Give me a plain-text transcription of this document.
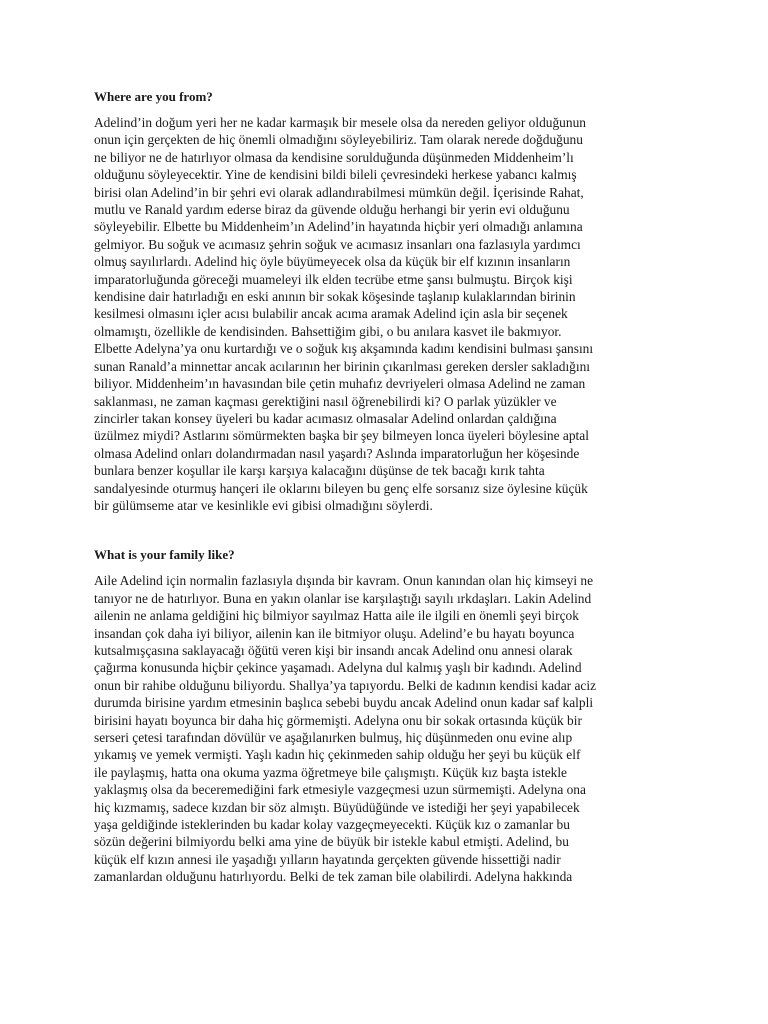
Where are you from?

Adelind’in doğum yeri her ne kadar karmaşık bir mesele olsa da nereden geliyor olduğunun
onun için gerçekten de hiç önemli olmadığını söyleyebiliriz. Tam olarak nerede doğduğunu
ne biliyor ne de hatırlıyor olmasa da kendisine sorulduğunda düşünmeden Middenheim’lı
olduğunu söyleyecektir. Yine de kendisini bildi bileli çevresindeki herkese yabancı kalmış
birisi olan Adelind’in bir şehri evi olarak adlandırabilmesi mümkün değil. İçerisinde Rahat,
mutlu ve Ranald yardım ederse biraz da güvende olduğu herhangi bir yerin evi olduğunu
söyleyebilir. Elbette bu Middenheim’ın Adelind’in hayatında hiçbir yeri olmadığı anlamına
gelmiyor. Bu soğuk ve acımasız şehrin soğuk ve acımasız insanları ona fazlasıyla yardımcı
olmuş sayılırlardı. Adelind hiç öyle büyümeyecek olsa da küçük bir elf kızının insanların
imparatorluğunda göreceği muameleyi ilk elden tecrübe etme şansı bulmuştu. Birçok kişi
kendisine dair hatırladığı en eski anının bir sokak köşesinde taşlanıp kulaklarından birinin
kesilmesi olmasını içler acısı bulabilir ancak acıma aramak Adelind için asla bir seçenek
olmamıştı, özellikle de kendisinden. Bahsettiğim gibi, o bu anılara kasvet ile bakmıyor.
Elbette Adelyna’ya onu kurtardığı ve o soğuk kış akşamında kadını kendisini bulması şansını
sunan Ranald’a minnettar ancak acılarının her birinin çıkarılması gereken dersler sakladığını
biliyor. Middenheim’ın havasından bile çetin muhafız devriyeleri olmasa Adelind ne zaman
saklanması, ne zaman kaçması gerektiğini nasıl öğrenebilirdi ki? O parlak yüzükler ve
zincirler takan konsey üyeleri bu kadar acımasız olmasalar Adelind onlardan çaldığına
üzülmez miydi? Astlarını sömürmekten başka bir şey bilmeyen lonca üyeleri böylesine aptal
olmasa Adelind onları dolandırmadan nasıl yaşardı? Aslında imparatorluğun her köşesinde
bunlara benzer koşullar ile karşı karşıya kalacağını düşünse de tek bacağı kırık tahta
sandalyesinde oturmuş hançeri ile oklarını bileyen bu genç elfe sorsanız size öylesine küçük
bir gülümseme atar ve kesinlikle evi gibisi olmadığını söylerdi.

What is your family like?

Aile Adelind için normalin fazlasıyla dışında bir kavram. Onun kanından olan hiç kimseyi ne
tanıyor ne de hatırlıyor. Buna en yakın olanlar ise karşılaştığı sayılı ırkdaşları. Lakin Adelind
ailenin ne anlama geldiğini hiç bilmiyor sayılmaz Hatta aile ile ilgili en önemli şeyi birçok
insandan çok daha iyi biliyor, ailenin kan ile bitmiyor oluşu. Adelind’e bu hayatı boyunca
kutsalmışçasına saklayacağı öğütü veren kişi bir insandı ancak Adelind onu annesi olarak
çağırma konusunda hiçbir çekince yaşamadı. Adelyna dul kalmış yaşlı bir kadındı. Adelind
onun bir rahibe olduğunu biliyordu. Shallya’ya tapıyordu. Belki de kadının kendisi kadar aciz
durumda birisine yardım etmesinin başlıca sebebi buydu ancak Adelind onun kadar saf kalpli
birisini hayatı boyunca bir daha hiç görmemişti. Adelyna onu bir sokak ortasında küçük bir
serseri çetesi tarafından dövülür ve aşağılanırken bulmuş, hiç düşünmeden onu evine alıp
yıkamış ve yemek vermişti. Yaşlı kadın hiç çekinmeden sahip olduğu her şeyi bu küçük elf
ile paylaşmış, hatta ona okuma yazma öğretmeye bile çalışmıştı. Küçük kız başta istekle
yaklaşmış olsa da beceremediğini fark etmesiyle vazgeçmesi uzun sürmemişti. Adelyna ona
hiç kızmamış, sadece kızdan bir söz almıştı. Büyüdüğünde ve istediği her şeyi yapabilecek
yaşa geldiğinde isteklerinden bu kadar kolay vazgeçmeyecekti. Küçük kız o zamanlar bu
sözün değerini bilmiyordu belki ama yine de büyük bir istekle kabul etmişti. Adelind, bu
küçük elf kızın annesi ile yaşadığı yılların hayatında gerçekten güvende hissettiği nadir
zamanlardan olduğunu hatırlıyordu. Belki de tek zaman bile olabilirdi. Adelyna hakkında
